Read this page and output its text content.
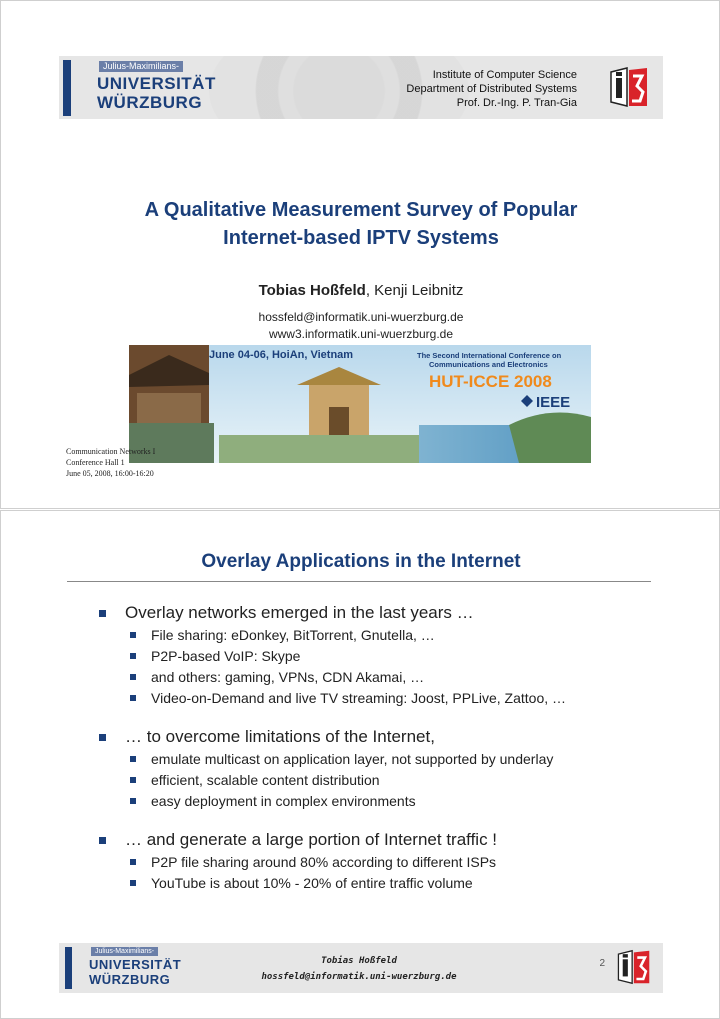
Julius-Maximilians-
UNIVERSITÄT
WÜRZBURG
Institute of Computer Science
Department of Distributed Systems
Prof. Dr.-Ing. P. Tran-Gia
A Qualitative Measurement Survey of Popular
Internet-based IPTV Systems
Tobias Hoßfeld, Kenji Leibnitz
hossfeld@informatik.uni-wuerzburg.de
www3.informatik.uni-wuerzburg.de
June 04-06, HoiAn, Vietnam	The Second International Conference on
Communications and Electronics
HUT-ICCE 2008
IEEE
Communication Networks I
Conference Hall 1
June 05, 2008, 16:00-16:20
Overlay Applications in the Internet
Overlay networks emerged in the last years …
File sharing: eDonkey, BitTorrent, Gnutella, …
P2P-based VoIP: Skype
and others: gaming, VPNs, CDN Akamai, …
Video-on-Demand and live TV streaming: Joost, PPLive, Zattoo, …
… to overcome limitations of the Internet,
emulate multicast on application layer, not supported by underlay
efficient, scalable content distribution
easy deployment in complex environments
… and generate a large portion of Internet traffic !
P2P file sharing around 80% according to different ISPs
YouTube is about 10% - 20% of entire traffic volume
Julius-Maximilians-
UNIVERSITÄT
WÜRZBURG
Tobias Hoßfeld
hossfeld@informatik.uni-wuerzburg.de
2
